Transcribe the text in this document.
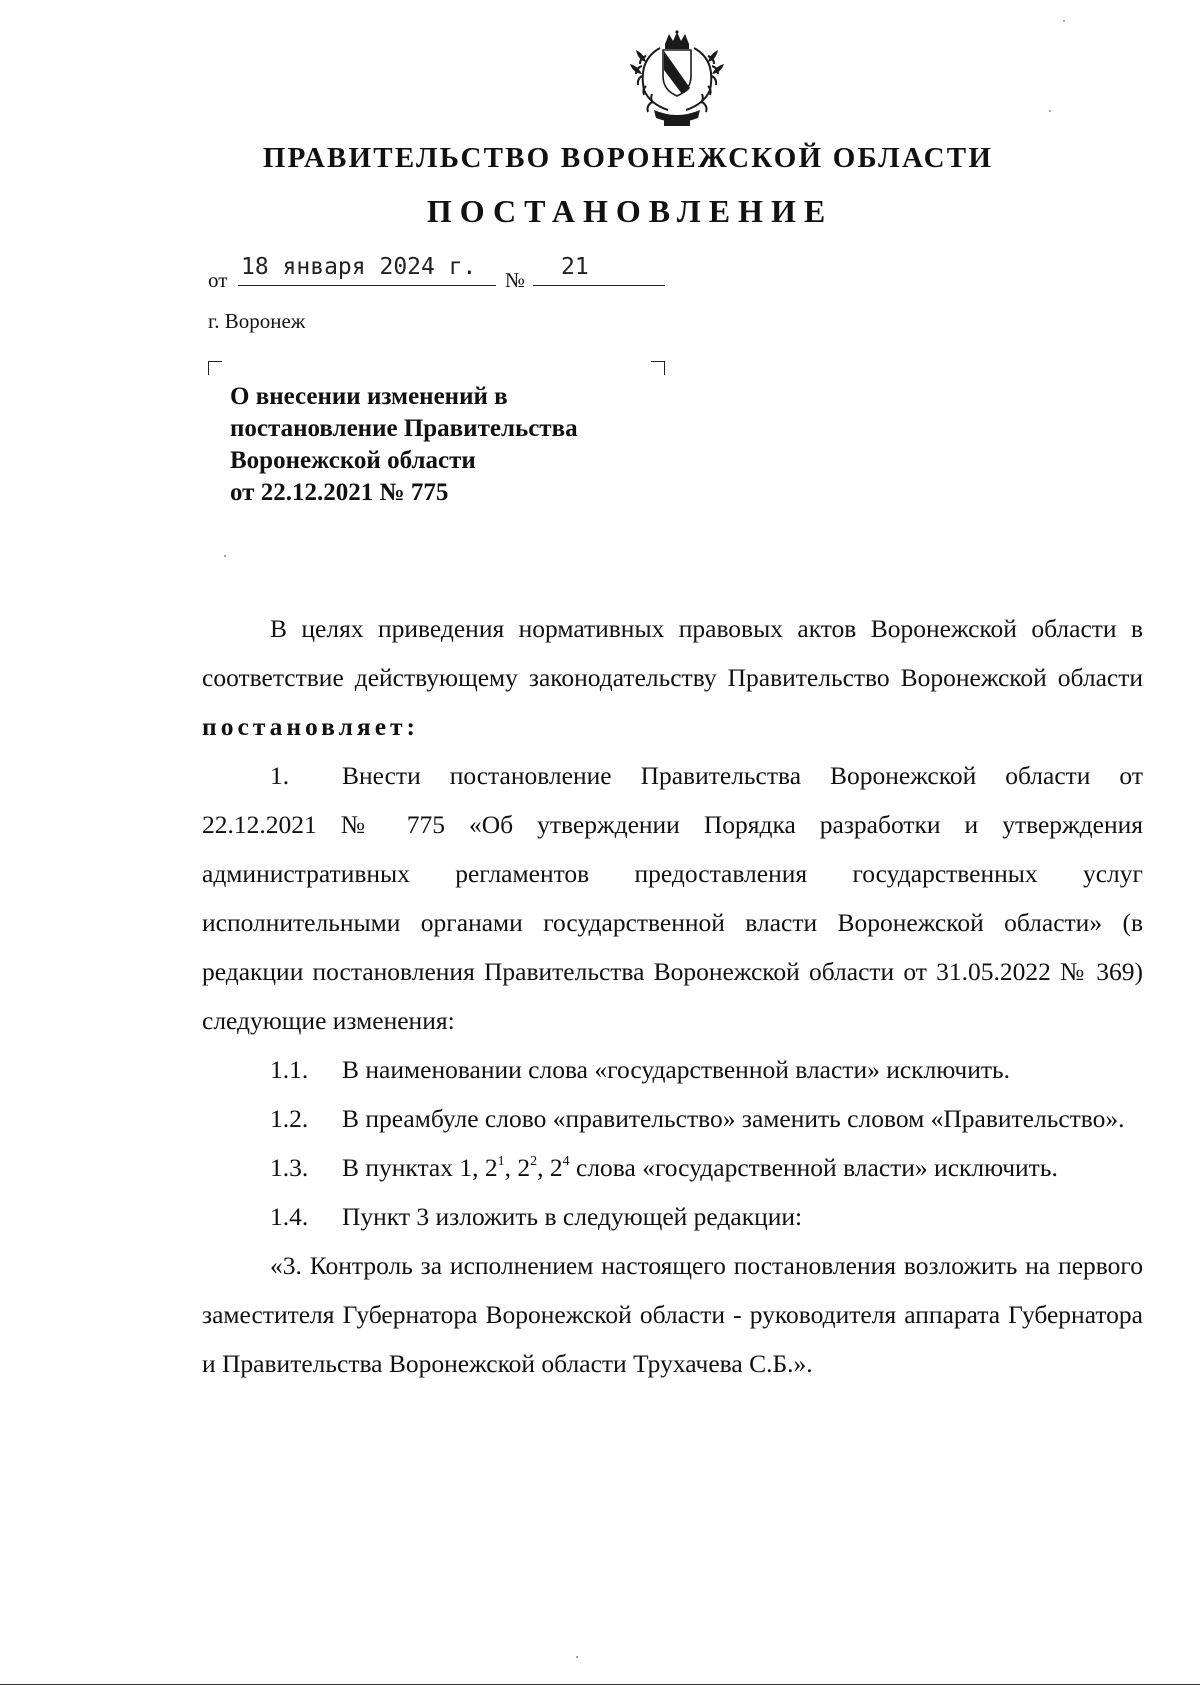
ПРАВИТЕЛЬСТВО ВОРОНЕЖСКОЙ ОБЛАСТИ
ПОСТАНОВЛЕНИЕ
от 18 января 2024 г. № 21
г. Воронеж
О внесении изменений в
постановление Правительства
Воронежской области
от 22.12.2021 № 775

В целях приведения нормативных правовых актов Воронежской области в соответствие действующему законодательству Правительство Воронежской области постановляет:

1. Внести постановление Правительства Воронежской области от 22.12.2021 № 775 «Об утверждении Порядка разработки и утверждения административных регламентов предоставления государственных услуг исполнительными органами государственной власти Воронежской области» (в редакции постановления Правительства Воронежской области от 31.05.2022 № 369) следующие изменения:

1.1. В наименовании слова «государственной власти» исключить.

1.2. В преамбуле слово «правительство» заменить словом «Правительство».

1.3. В пунктах 1, $2^1$, $2^2$, $2^4$ слова «государственной власти» исключить.

1.4. Пункт 3 изложить в следующей редакции:

«3. Контроль за исполнением настоящего постановления возложить на первого заместителя Губернатора Воронежской области - руководителя аппарата Губернатора и Правительства Воронежской области Трухачева С.Б.».
